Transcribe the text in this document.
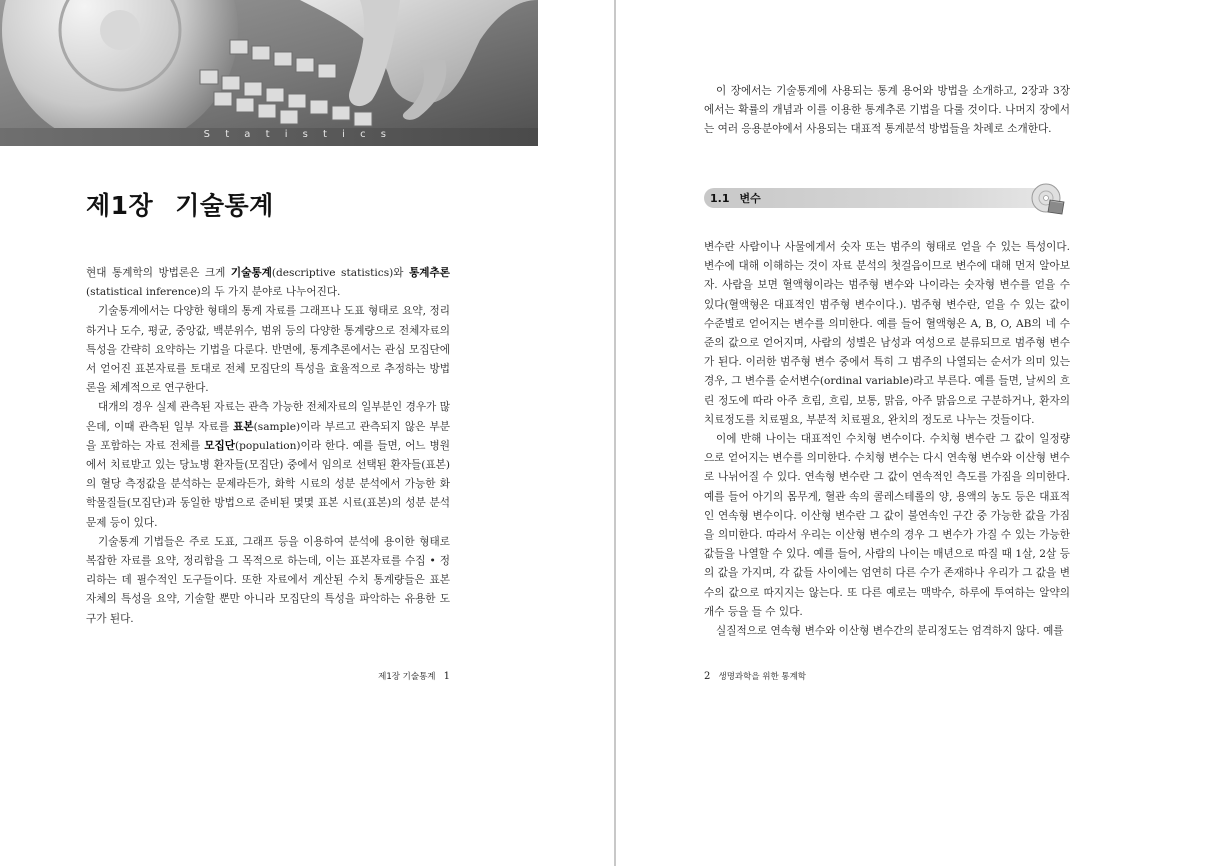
S t a t i s t i c s
제1장 기술통계

현대 통계학의 방법론은 크게 기술통계(descriptive statistics)와 통계추론(statistical inference)의 두 가지 분야로 나누어진다.

기술통계에서는 다양한 형태의 통계 자료를 그래프나 도표 형태로 요약, 정리하거나 도수, 평균, 중앙값, 백분위수, 범위 등의 다양한 통계량으로 전체자료의 특성을 간략히 요약하는 기법을 다룬다. 반면에, 통계추론에서는 관심 모집단에서 얻어진 표본자료를 토대로 전체 모집단의 특성을 효율적으로 추정하는 방법론을 체계적으로 연구한다.

대개의 경우 실제 관측된 자료는 관측 가능한 전체자료의 일부분인 경우가 많은데, 이때 관측된 일부 자료를 표본(sample)이라 부르고 관측되지 않은 부분을 포함하는 자료 전체를 모집단(population)이라 한다. 예를 들면, 어느 병원에서 치료받고 있는 당뇨병 환자들(모집단) 중에서 임의로 선택된 환자들(표본)의 혈당 측정값을 분석하는 문제라든가, 화학 시료의 성분 분석에서 가능한 화학물질들(모집단)과 동일한 방법으로 준비된 몇몇 표본 시료(표본)의 성분 분석 문제 등이 있다.

기술통계 기법들은 주로 도표, 그래프 등을 이용하여 분석에 용이한 형태로 복잡한 자료를 요약, 정리함을 그 목적으로 하는데, 이는 표본자료를 수집 • 정리하는 데 필수적인 도구들이다. 또한 자료에서 계산된 수치 통계량들은 표본 자체의 특성을 요약, 기술할 뿐만 아니라 모집단의 특성을 파악하는 유용한 도구가 된다.

제1장 기술통계 1

이 장에서는 기술통계에 사용되는 통계 용어와 방법을 소개하고, 2장과 3장에서는 확률의 개념과 이를 이용한 통계추론 기법을 다룰 것이다. 나머지 장에서는 여러 응용분야에서 사용되는 대표적 통계분석 방법들을 차례로 소개한다.

1.1 변수

변수란 사람이나 사물에게서 숫자 또는 범주의 형태로 얻을 수 있는 특성이다. 변수에 대해 이해하는 것이 자료 분석의 첫걸음이므로 변수에 대해 먼저 알아보자. 사람을 보면 혈액형이라는 범주형 변수와 나이라는 숫자형 변수를 얻을 수 있다(혈액형은 대표적인 범주형 변수이다.). 범주형 변수란, 얻을 수 있는 값이 수준별로 얻어지는 변수를 의미한다. 예를 들어 혈액형은 A, B, O, AB의 네 수준의 값으로 얻어지며, 사람의 성별은 남성과 여성으로 분류되므로 범주형 변수가 된다. 이러한 범주형 변수 중에서 특히 그 범주의 나열되는 순서가 의미 있는 경우, 그 변수를 순서변수(ordinal variable)라고 부른다. 예를 들면, 날씨의 흐린 정도에 따라 아주 흐림, 흐림, 보통, 맑음, 아주 맑음으로 구분하거나, 환자의 치료정도를 치료필요, 부분적 치료필요, 완치의 정도로 나누는 것들이다.

이에 반해 나이는 대표적인 수치형 변수이다. 수치형 변수란 그 값이 일정량으로 얻어지는 변수를 의미한다. 수치형 변수는 다시 연속형 변수와 이산형 변수로 나뉘어질 수 있다. 연속형 변수란 그 값이 연속적인 측도를 가짐을 의미한다. 예를 들어 아기의 몸무게, 혈관 속의 콜레스테롤의 양, 용액의 농도 등은 대표적인 연속형 변수이다. 이산형 변수란 그 값이 불연속인 구간 중 가능한 값을 가짐을 의미한다. 따라서 우리는 이산형 변수의 경우 그 변수가 가질 수 있는 가능한 값들을 나열할 수 있다. 예를 들어, 사람의 나이는 매년으로 따질 때 1살, 2살 등의 값을 가지며, 각 값들 사이에는 엄연히 다른 수가 존재하나 우리가 그 값을 변수의 값으로 따지지는 않는다. 또 다른 예로는 맥박수, 하루에 투여하는 알약의 개수 등을 들 수 있다.

실질적으로 연속형 변수와 이산형 변수간의 분리정도는 엄격하지 않다. 예를

2 생명과학을 위한 통계학
